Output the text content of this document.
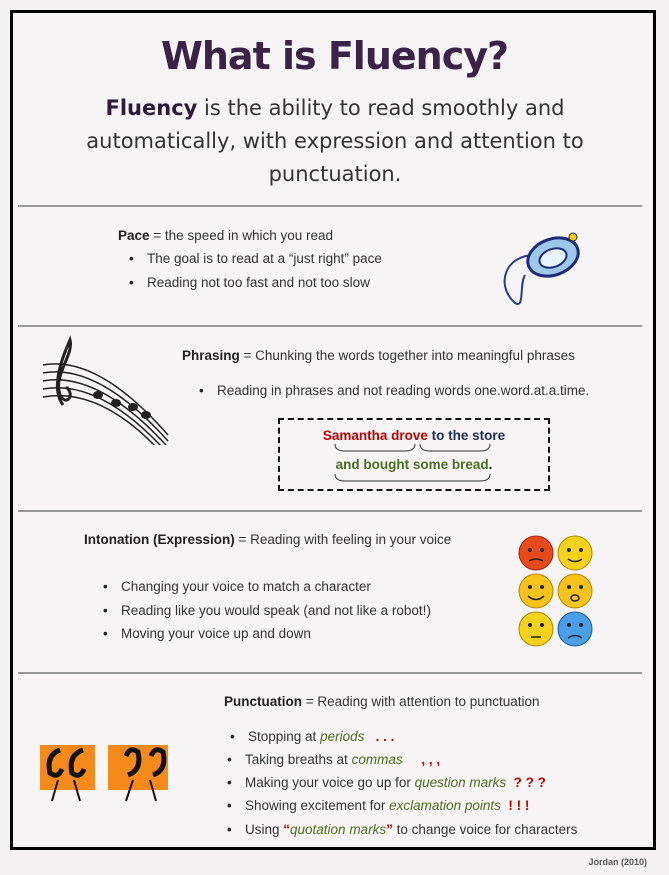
What is Fluency?
Fluency is the ability to read smoothly and automatically, with expression and attention to punctuation.
Pace = the speed in which you read
• The goal is to read at a “just right” pace
• Reading not too fast and not too slow
Phrasing = Chunking the words together into meaningful phrases
• Reading in phrases and not reading words one.word.at.a.time.
Samantha drove to the store
and bought some bread.
Intonation (Expression) = Reading with feeling in your voice
• Changing your voice to match a character
• Reading like you would speak (and not like a robot!)
• Moving your voice up and down
Punctuation = Reading with attention to punctuation
• Stopping at periods . . .
• Taking breaths at commas , , ,
• Making your voice go up for question marks ? ? ?
• Showing excitement for exclamation points ! ! !
• Using “quotation marks” to change voice for characters
Jordan (2010)
